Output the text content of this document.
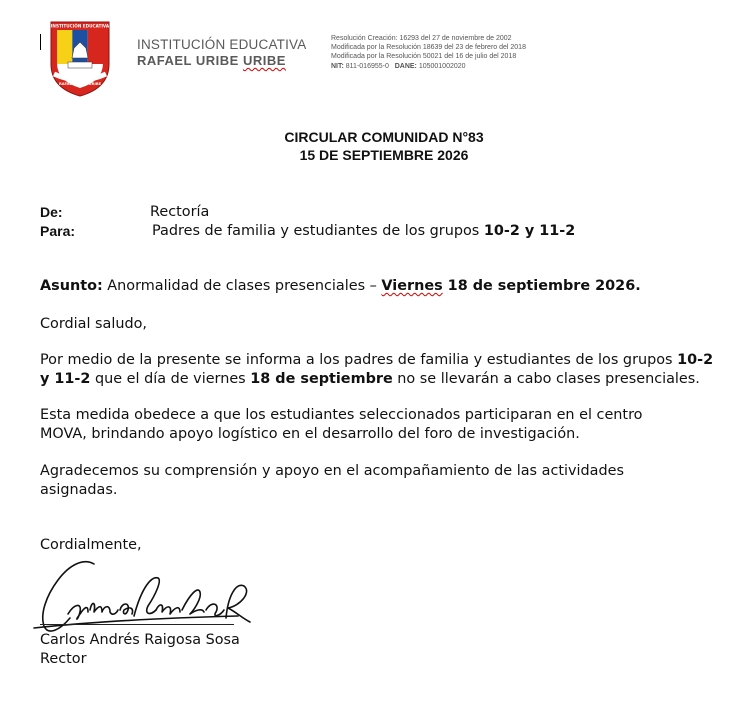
INSTITUCIÓN EDUCATIVA
RAFAEL URIBE URIBE
INSTITUCIÓN EDUCATIVA
RAFAEL URIBE URIBE
Resolución Creación: 16293 del 27 de noviembre de 2002
Modificada por la Resolución 18639 del 23 de febrero del 2018
Modificada por la Resolución 50021 del 16 de julio del 2018
NIT: 811-016955-0   DANE: 105001002020
CIRCULAR COMUNIDAD N°83
15 DE SEPTIEMBRE 2026
De:	Rectoría
Para:	Padres de familia y estudiantes de los grupos 10-2 y 11-2
Asunto: Anormalidad de clases presenciales – Viernes 18 de septiembre 2026.
Cordial saludo,
Por medio de la presente se informa a los padres de familia y estudiantes de los grupos 10-2
y 11-2 que el día de viernes 18 de septiembre no se llevarán a cabo clases presenciales.
Esta medida obedece a que los estudiantes seleccionados participaran en el centro
MOVA, brindando apoyo logístico en el desarrollo del foro de investigación.
Agradecemos su comprensión y apoyo en el acompañamiento de las actividades
asignadas.
Cordialmente,
Carlos Andrés Raigosa Sosa
Rector
